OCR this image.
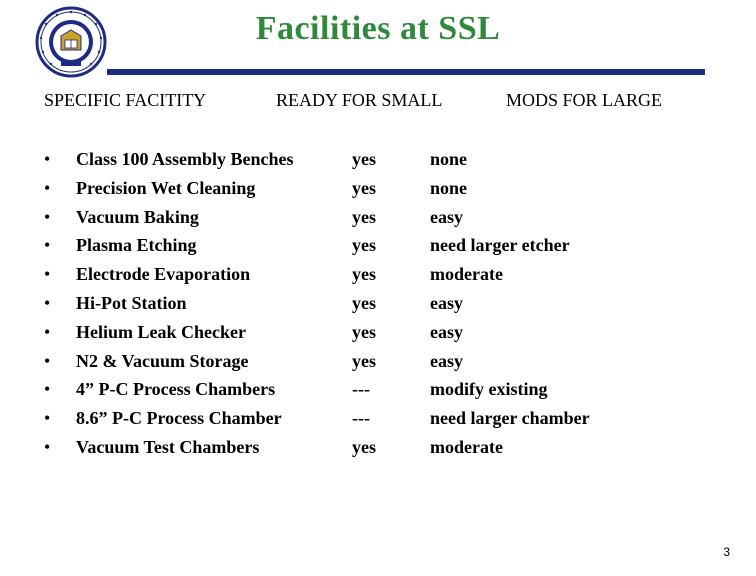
Facilities at SSL
SPECIFIC FACITITY	READY FOR SMALL	MODS FOR LARGE
• Class 100 Assembly Benches	yes	none
• Precision Wet Cleaning	yes	none
• Vacuum Baking	yes	easy
• Plasma Etching	yes	need larger etcher
• Electrode Evaporation	yes	moderate
• Hi-Pot Station	yes	easy
• Helium Leak Checker	yes	easy
• N2 & Vacuum Storage	yes	easy
• 4” P-C Process Chambers	---	modify existing
• 8.6” P-C Process Chamber	---	need larger chamber
• Vacuum Test Chambers	yes	moderate
3
